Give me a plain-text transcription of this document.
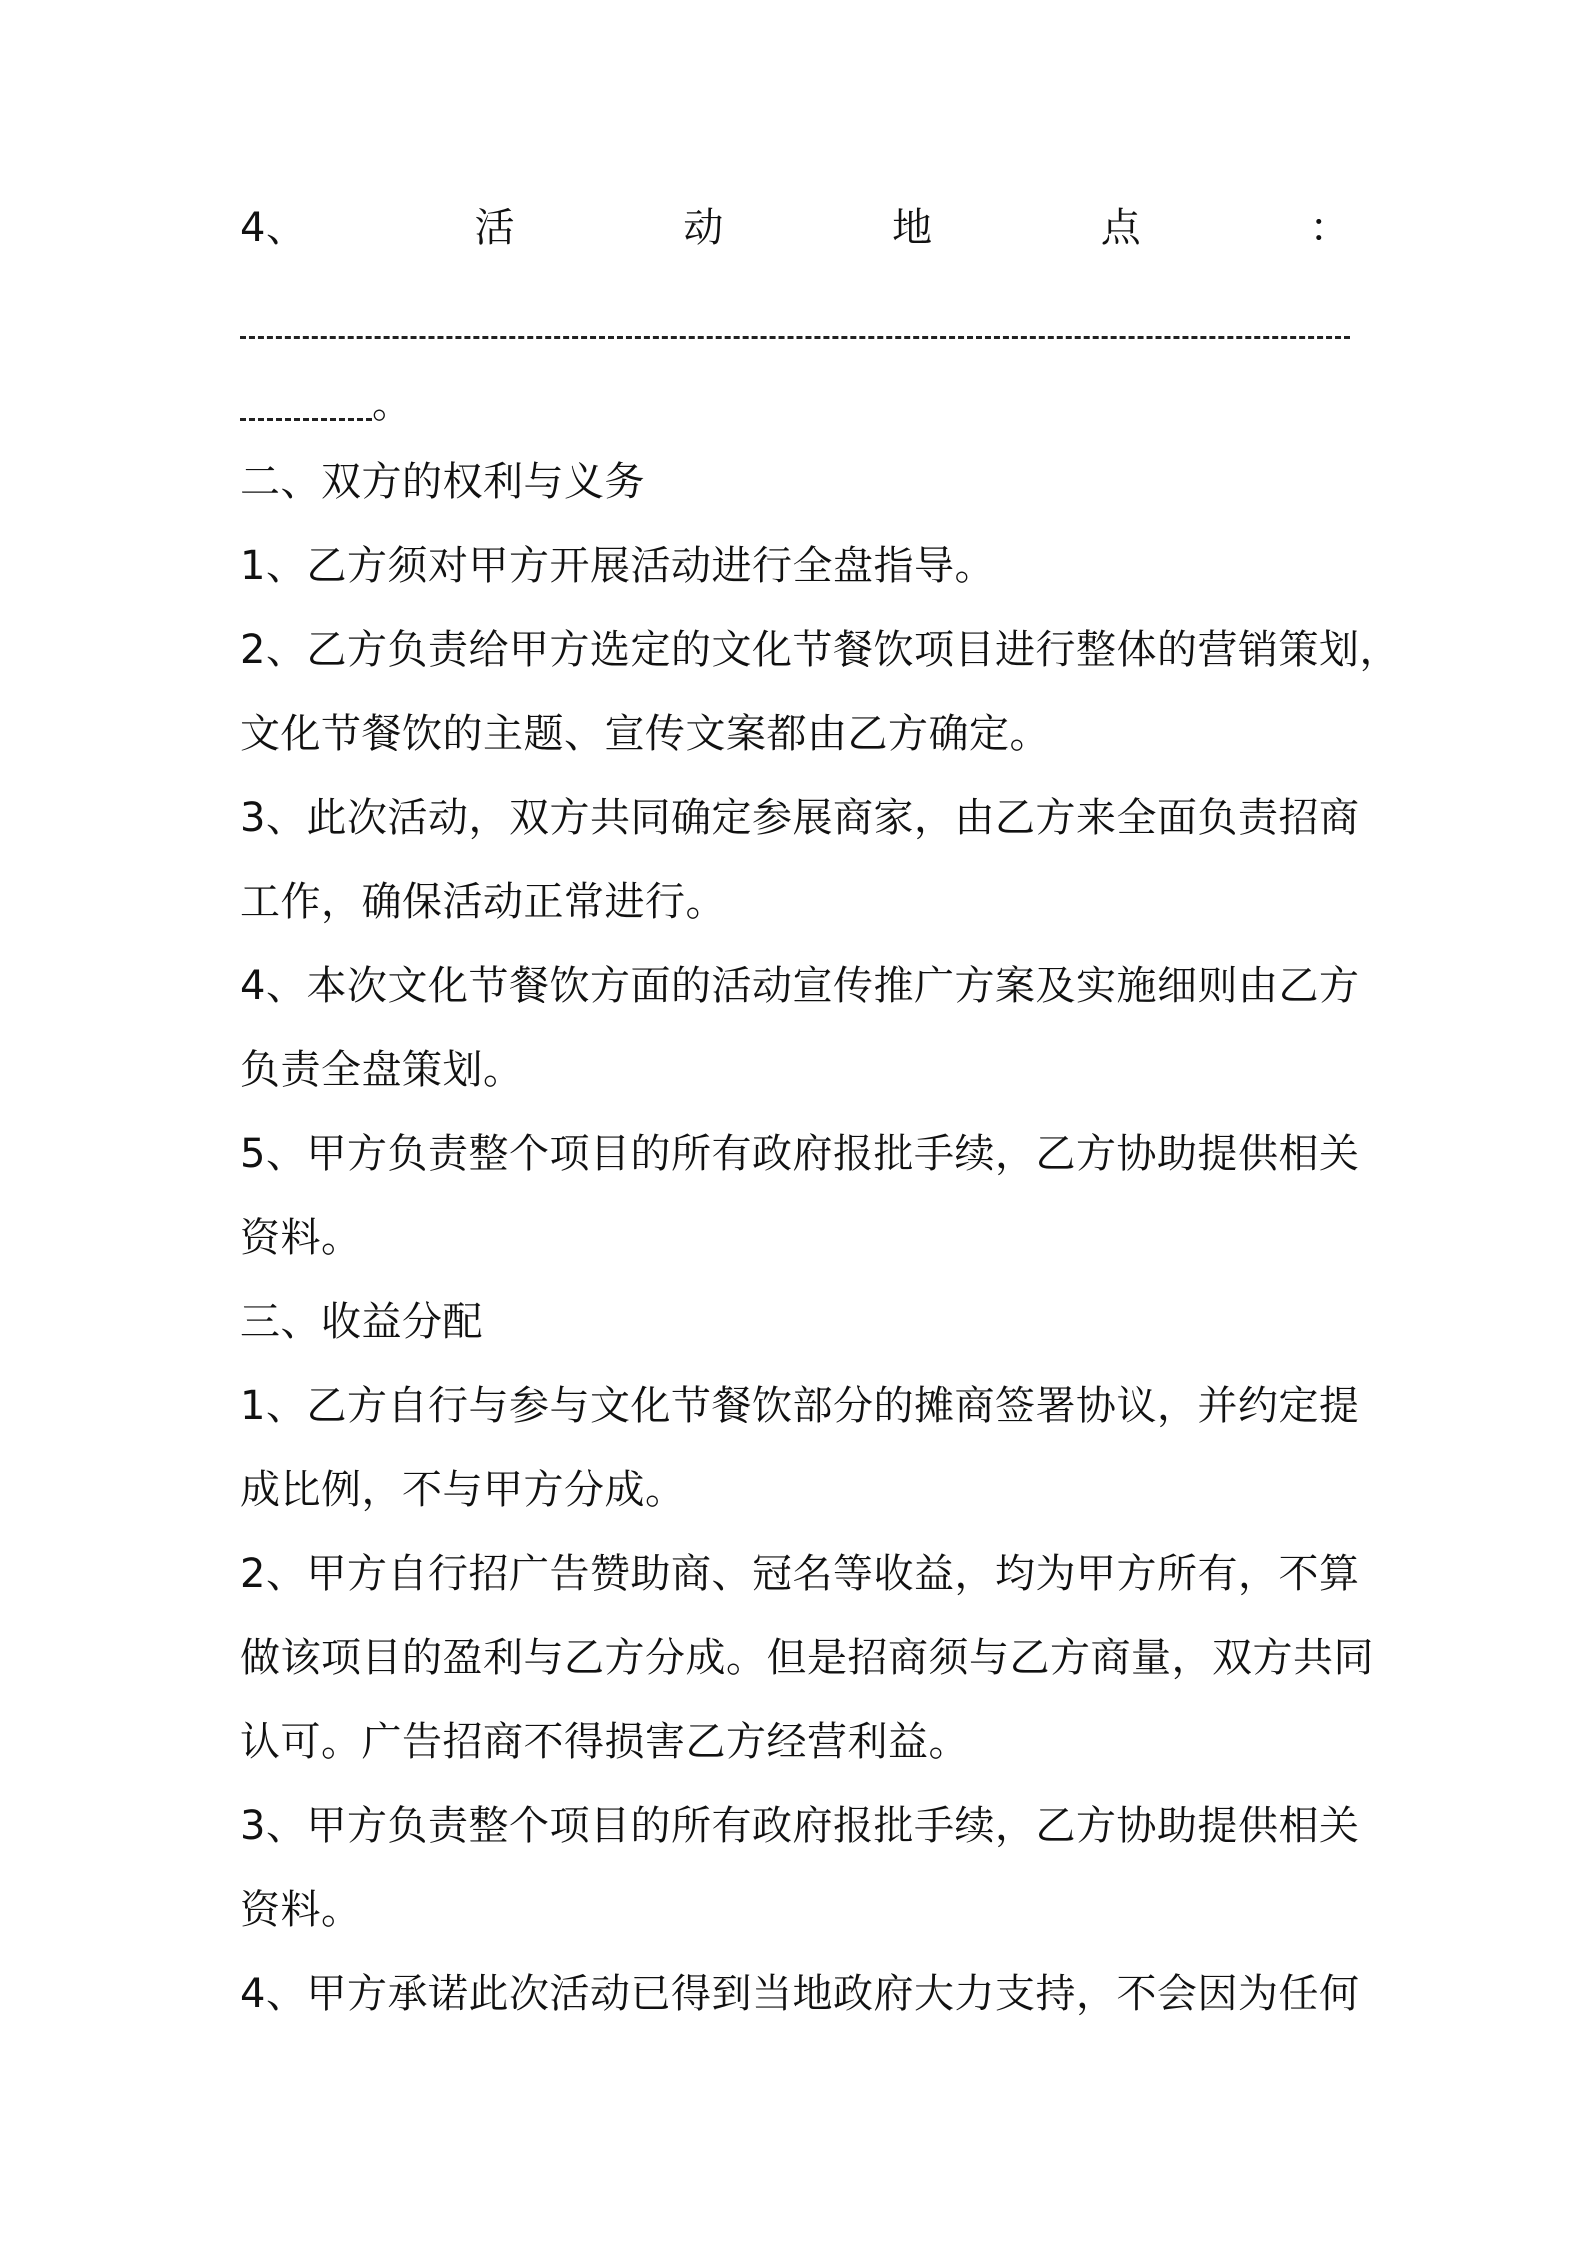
4、	活	动	地	点	：
。
二、双方的权利与义务
1、乙方须对甲方开展活动进行全盘指导。
2、乙方负责给甲方选定的文化节餐饮项目进行整体的营销策划，
文化节餐饮的主题、宣传文案都由乙方确定。
3、此次活动，双方共同确定参展商家，由乙方来全面负责招商
工作，确保活动正常进行。
4、本次文化节餐饮方面的活动宣传推广方案及实施细则由乙方
负责全盘策划。
5、甲方负责整个项目的所有政府报批手续，乙方协助提供相关
资料。
三、收益分配
1、乙方自行与参与文化节餐饮部分的摊商签署协议，并约定提
成比例，不与甲方分成。
2、甲方自行招广告赞助商、冠名等收益，均为甲方所有，不算
做该项目的盈利与乙方分成。但是招商须与乙方商量，双方共同
认可。广告招商不得损害乙方经营利益。
3、甲方负责整个项目的所有政府报批手续，乙方协助提供相关
资料。
4、甲方承诺此次活动已得到当地政府大力支持，不会因为任何
